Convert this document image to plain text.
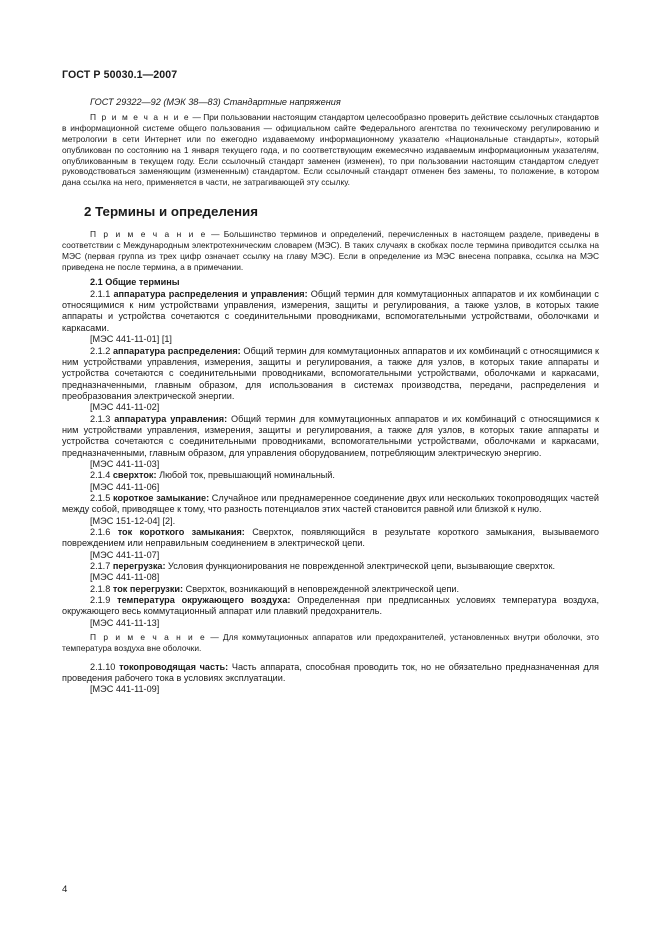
ГОСТ Р 50030.1—2007

ГОСТ 29322—92 (МЭК 38—83) Стандартные напряжения

П р и м е ч а н и е — При пользовании настоящим стандартом целесообразно проверить действие ссылочных стандартов в информационной системе общего пользования — официальном сайте Федерального агентства по техническому регулированию и метрологии в сети Интернет или по ежегодно издаваемому информационному указателю «Национальные стандарты», который опубликован по состоянию на 1 января текущего года, и по соответствующим ежемесячно издаваемым информационным указателям, опубликованным в текущем году. Если ссылочный стандарт заменен (изменен), то при пользовании настоящим стандартом следует руководствоваться заменяющим (измененным) стандартом. Если ссылочный стандарт отменен без замены, то положение, в котором дана ссылка на него, применяется в части, не затрагивающей эту ссылку.

2 Термины и определения

П р и м е ч а н и е — Большинство терминов и определений, перечисленных в настоящем разделе, приведены в соответствии с Международным электротехническим словарем (МЭС). В таких случаях в скобках после термина приводится ссылка на МЭС (первая группа из трех цифр означает ссылку на главу МЭС). Если в определение из МЭС внесена поправка, ссылка на МЭС приведена не после термина, а в примечании.

2.1 Общие термины

2.1.1 аппаратура распределения и управления: Общий термин для коммутационных аппаратов и их комбинации с относящимися к ним устройствами управления, измерения, защиты и регулирования, а также узлов, в которых такие аппараты и устройства сочетаются с соединительными проводниками, вспомогательными устройствами, оболочками и каркасами.

[МЭС 441-11-01] [1]

2.1.2 аппаратура распределения: Общий термин для коммутационных аппаратов и их комбинаций с относящимися к ним устройствами управления, измерения, защиты и регулирования, а также для узлов, в которых такие аппараты и устройства сочетаются с соединительными проводниками, вспомогательными устройствами, оболочками и каркасами, предназначенными, главным образом, для использования в системах производства, передачи, распределения и преобразования электрической энергии.

[МЭС 441-11-02]

2.1.3 аппаратура управления: Общий термин для коммутационных аппаратов и их комбинаций с относящимися к ним устройствами управления, измерения, защиты и регулирования, а также для узлов, в которых такие аппараты и устройства сочетаются с соединительными проводниками, вспомогательными устройствами, оболочками и каркасами, предназначенными, главным образом, для управления оборудованием, потребляющим электрическую энергию.

[МЭС 441-11-03]

2.1.4 сверхток: Любой ток, превышающий номинальный.

[МЭС 441-11-06]

2.1.5 короткое замыкание: Случайное или преднамеренное соединение двух или нескольких токопроводящих частей между собой, приводящее к тому, что разность потенциалов этих частей становится равной или близкой к нулю.

[МЭС 151-12-04] [2].

2.1.6 ток короткого замыкания: Сверхток, появляющийся в результате короткого замыкания, вызываемого повреждением или неправильным соединением в электрической цепи.

[МЭС 441-11-07]

2.1.7 перегрузка: Условия функционирования не поврежденной электрической цепи, вызывающие сверхток.

[МЭС 441-11-08]

2.1.8 ток перегрузки: Сверхток, возникающий в неповрежденной электрической цепи.

2.1.9 температура окружающего воздуха: Определенная при предписанных условиях температура воздуха, окружающего весь коммутационный аппарат или плавкий предохранитель.

[МЭС 441-11-13]

П р и м е ч а н и е — Для коммутационных аппаратов или предохранителей, установленных внутри оболочки, это температура воздуха вне оболочки.

2.1.10 токопроводящая часть: Часть аппарата, способная проводить ток, но не обязательно предназначенная для проведения рабочего тока в условиях эксплуатации.

[МЭС 441-11-09]

4
